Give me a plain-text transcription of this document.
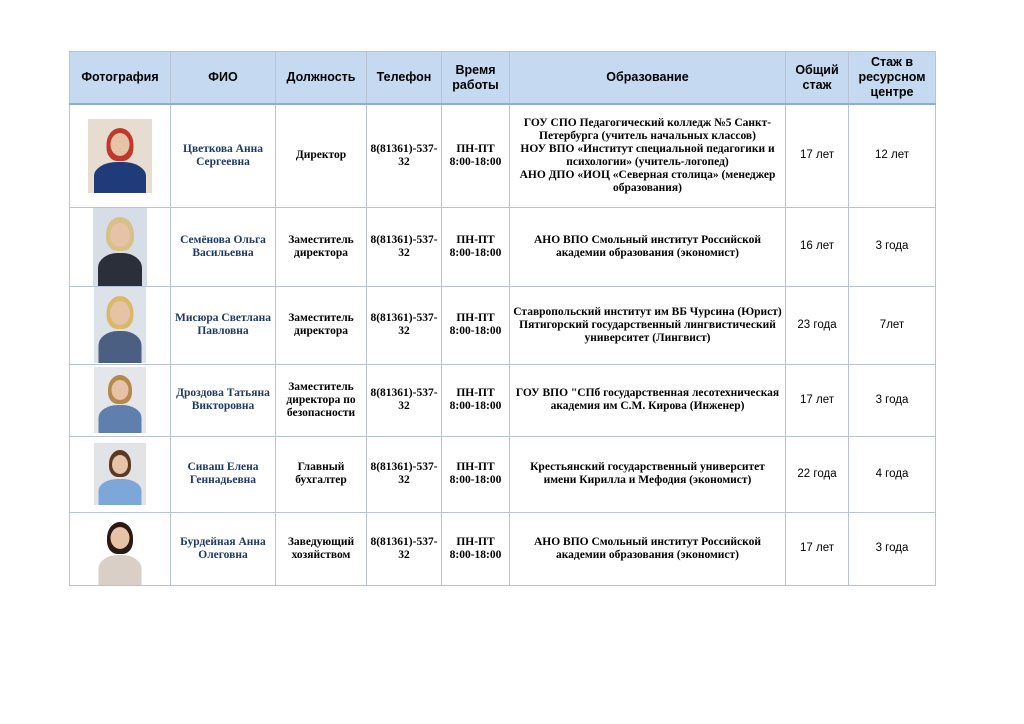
Фотография	ФИО	Должность	Телефон	Время работы	Образование	Общий стаж	Стаж в ресурсном центре

	Цветкова Анна Сергеевна	Директор	8(81361)-537-32	ПН-ПТ 8:00-18:00	ГОУ СПО Педагогический колледж №5 Санкт-Петербурга (учитель начальных классов)
НОУ ВПО «Институт специальной педагогики и психологии» (учитель-логопед)
АНО ДПО «ИОЦ «Северная столица» (менеджер образования)	17 лет	12 лет

	Семёнова Ольга Васильевна	Заместитель директора	8(81361)-537-32	ПН-ПТ 8:00-18:00	АНО ВПО Смольный институт Российской академии образования (экономист)	16 лет	3 года

	Мисюра Светлана Павловна	Заместитель директора	8(81361)-537-32	ПН-ПТ 8:00-18:00	Ставропольский институт им ВБ Чурсина (Юрист)
Пятигорский государственный лингвистический университет (Лингвист)	23 года	7лет

	Дроздова Татьяна Викторовна	Заместитель директора по безопасности	8(81361)-537-32	ПН-ПТ 8:00-18:00	ГОУ ВПО "СПб государственная лесотехническая академия им С.М. Кирова (Инженер)	17 лет	3 года

	Сиваш Елена Геннадьевна	Главный бухгалтер	8(81361)-537-32	ПН-ПТ 8:00-18:00	Крестьянский государственный университет имени Кирилла и Мефодия (экономист)	22 года	4 года

	Бурдейная Анна Олеговна	Заведующий хозяйством	8(81361)-537-32	ПН-ПТ 8:00-18:00	АНО ВПО Смольный институт Российской академии образования (экономист)	17 лет	3 года
